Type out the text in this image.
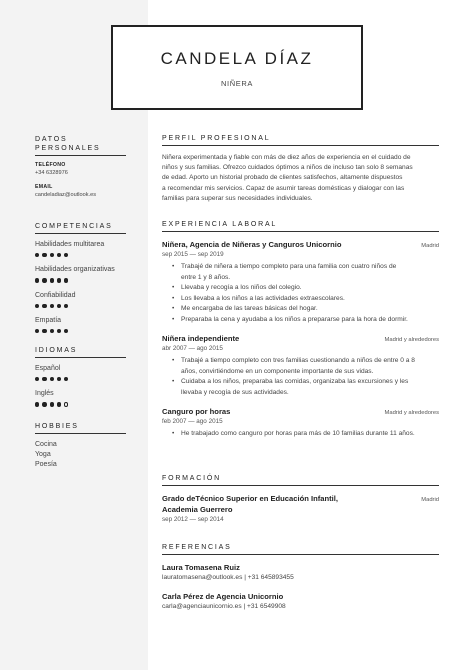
CANDELA DÍAZ
NIÑERA
DATOS
PERSONALES
TELÉFONO
+34 6328976
EMAIL
candeladiaz@outlook.es
COMPETENCIAS
Habilidades multitarea
Habilidades organizativas
Confiabilidad
Empatía
IDIOMAS
Español
Inglés
HOBBIES
Cocina
Yoga
Poesía
PERFIL PROFESIONAL
Niñera experimentada y fiable con más de diez años de experiencia en el cuidado de
niños y sus familias. Ofrezco cuidados óptimos a niños de incluso tan solo 8 semanas
de edad. Aporto un historial probado de clientes satisfechos, altamente dispuestos
a recomendar mis servicios. Capaz de asumir tareas domésticas y dialogar con las
familias para superar sus necesidades individuales.
EXPERIENCIA LABORAL
Niñera, Agencia de Niñeras y Canguros Unicornio	Madrid
sep 2015 — sep 2019
• Trabajé de niñera a tiempo completo para una familia con cuatro niños de
entre 1 y 8 años.
• Llevaba y recogía a los niños del colegio.
• Los llevaba a los niños a las actividades extraescolares.
• Me encargaba de las tareas básicas del hogar.
• Preparaba la cena y ayudaba a los niños a prepararse para la hora de dormir.
Niñera independiente	Madrid y alrededores
abr 2007 — ago 2015
• Trabajé a tiempo completo con tres familias cuestionando a niños de entre 0 a 8
años, convirtiéndome en un componente importante de sus vidas.
• Cuidaba a los niños, preparaba las comidas, organizaba las excursiones y les
llevaba y recogía de sus actividades.
Canguro por horas	Madrid y alrededores
feb 2007 — ago 2015
• He trabajado como canguro por horas para más de 10 familias durante 11 años.
FORMACIÓN
Grado deTécnico Superior en Educación Infantil,	Madrid
Academia Guerrero
sep 2012 — sep 2014
REFERENCIAS
Laura Tomasena Ruiz
lauratomasena@outlook.es | +31 645893455
Carla Pérez de Agencia Unicornio
carla@agenciaunicornio.es | +31 6549908
